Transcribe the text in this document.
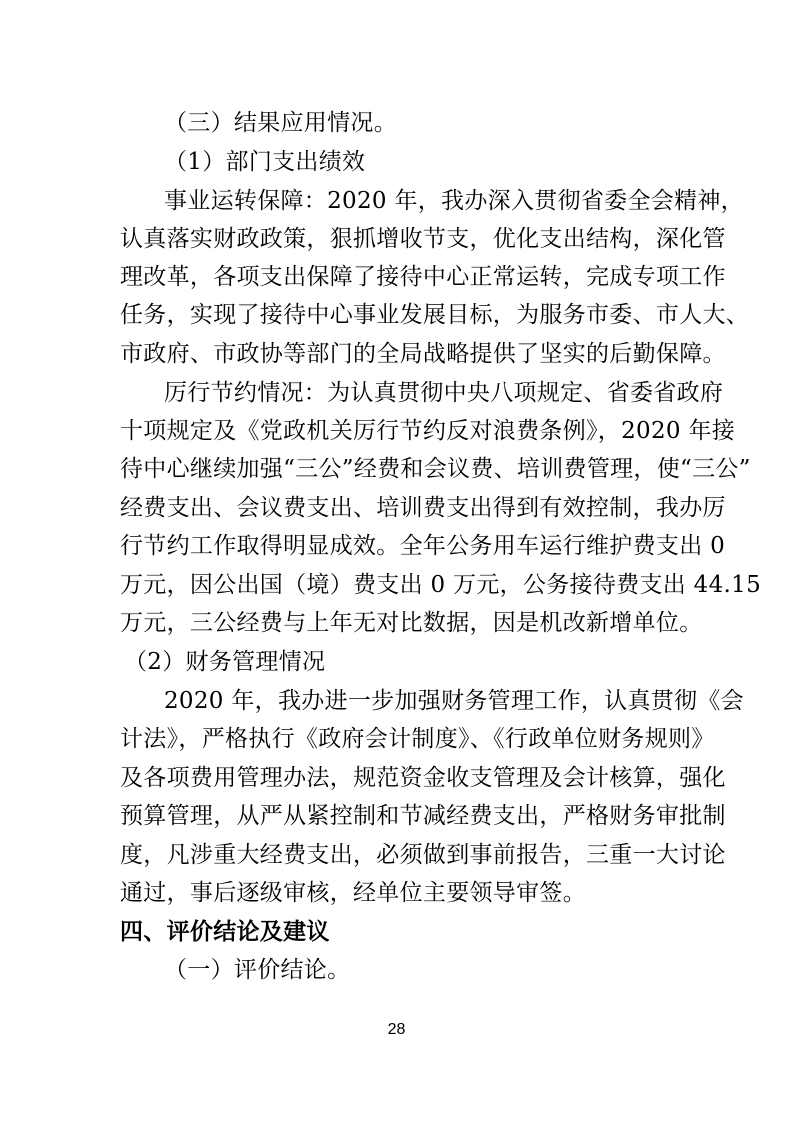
（三）结果应用情况。
（1）部门支出绩效
事业运转保障：2020 年，我办深入贯彻省委全会精神，
认真落实财政政策，狠抓增收节支，优化支出结构，深化管
理改革，各项支出保障了接待中心正常运转，完成专项工作
任务，实现了接待中心事业发展目标，为服务市委、市人大、
市政府、市政协等部门的全局战略提供了坚实的后勤保障。
厉行节约情况：为认真贯彻中央八项规定、省委省政府
十项规定及《党政机关厉行节约反对浪费条例》，2020 年接
待中心继续加强“三公”经费和会议费、培训费管理，使“三公”
经费支出、会议费支出、培训费支出得到有效控制，我办厉
行节约工作取得明显成效。全年公务用车运行维护费支出 0
万元，因公出国（境）费支出 0 万元，公务接待费支出 44.15
万元，三公经费与上年无对比数据，因是机改新增单位。
（2）财务管理情况
2020 年，我办进一步加强财务管理工作，认真贯彻《会
计法》，严格执行《政府会计制度》、《行政单位财务规则》
及各项费用管理办法，规范资金收支管理及会计核算，强化
预算管理，从严从紧控制和节减经费支出，严格财务审批制
度，凡涉重大经费支出，必须做到事前报告，三重一大讨论
通过，事后逐级审核，经单位主要领导审签。
四、评价结论及建议
（一）评价结论。
28
